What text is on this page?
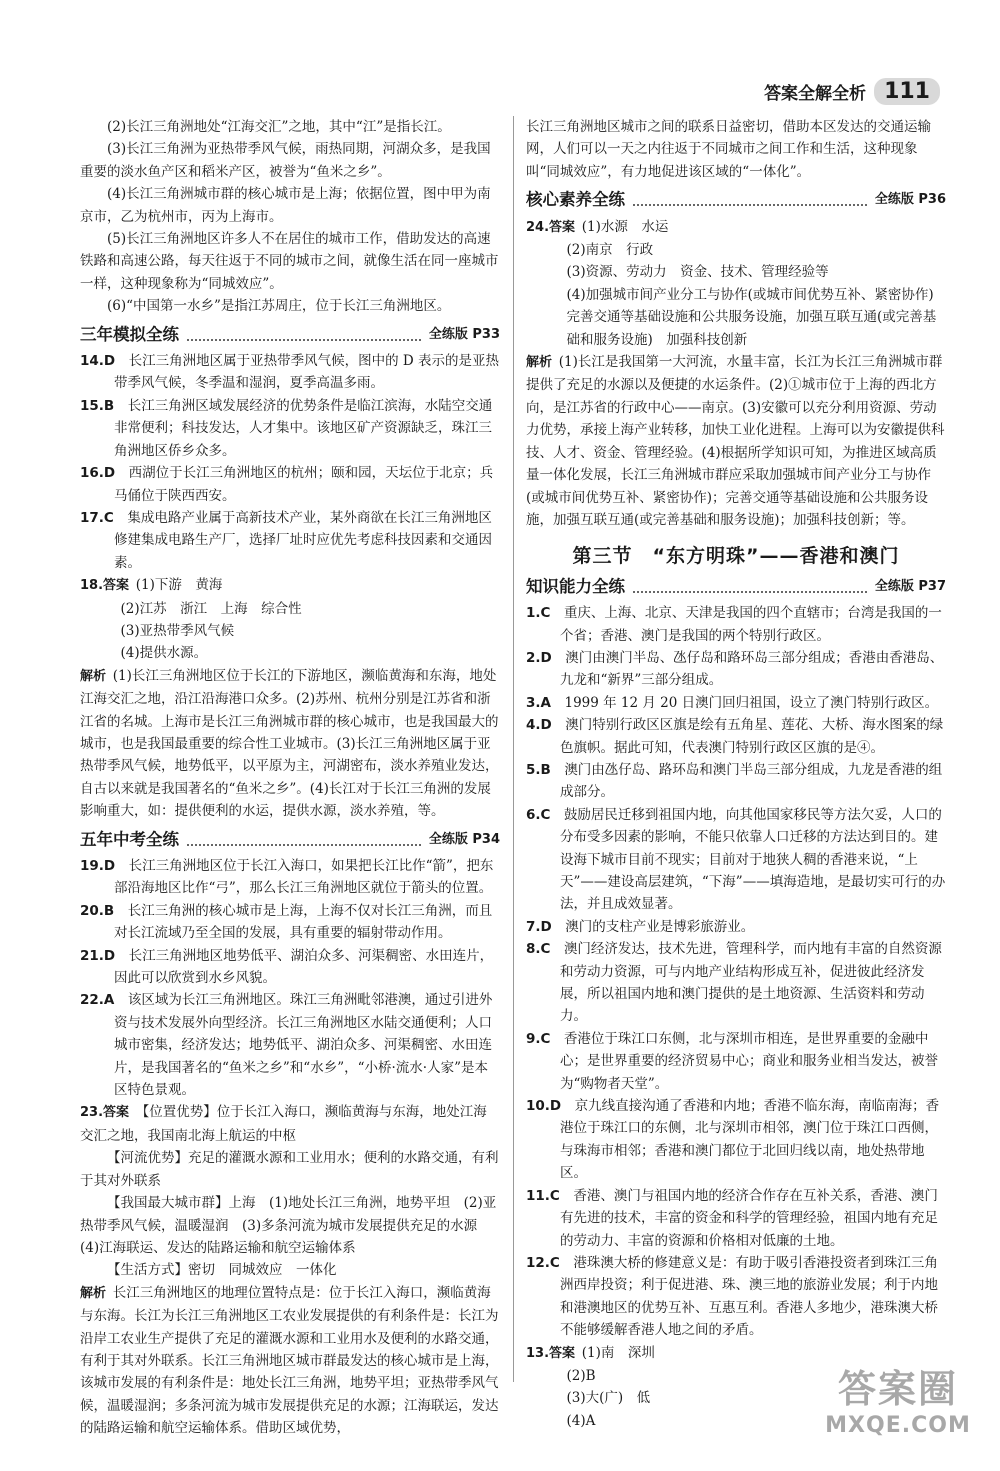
答案全解全析 111

(2)长江三角洲地处“江海交汇”之地，其中“江”是指长江。

(3)长江三角洲为亚热带季风气候，雨热同期，河湖众多，是我国重要的淡水鱼产区和稻米产区，被誉为“鱼米之乡”。

(4)长江三角洲城市群的核心城市是上海；依据位置，图中甲为南京市，乙为杭州市，丙为上海市。

(5)长江三角洲地区许多人不在居住的城市工作，借助发达的高速铁路和高速公路，每天往返于不同的城市之间，就像生活在同一座城市一样，这种现象称为“同城效应”。

(6)“中国第一水乡”是指江苏周庄，位于长江三角洲地区。

三年模拟全练	全练版 P33

14.D  长江三角洲地区属于亚热带季风气候，图中的 D 表示的是亚热带季风气候，冬季温和湿润，夏季高温多雨。

15.B  长江三角洲区域发展经济的优势条件是临江滨海，水陆空交通非常便利；科技发达，人才集中。该地区矿产资源缺乏，珠江三角洲地区侨乡众多。

16.D  西湖位于长江三角洲地区的杭州；颐和园，天坛位于北京；兵马俑位于陕西西安。

17.C  集成电路产业属于高新技术产业，某外商欲在长江三角洲地区修建集成电路生产厂，选择厂址时应优先考虑科技因素和交通因素。

18.答案  (1)下游　黄海

(2)江苏　浙江　上海　综合性

(3)亚热带季风气候

(4)提供水源。

解析  (1)长江三角洲地区位于长江的下游地区，濒临黄海和东海，地处江海交汇之地，沿江沿海港口众多。(2)苏州、杭州分别是江苏省和浙江省的名城。上海市是长江三角洲城市群的核心城市，也是我国最大的城市，也是我国最重要的综合性工业城市。(3)长江三角洲地区属于亚热带季风气候，地势低平，以平原为主，河湖密布，淡水养殖业发达，自古以来就是我国著名的“鱼米之乡”。(4)长江对于长江三角洲的发展影响重大，如：提供便利的水运，提供水源，淡水养殖，等。

五年中考全练	全练版 P34

19.D  长江三角洲地区位于长江入海口，如果把长江比作“箭”，把东部沿海地区比作“弓”，那么长江三角洲地区就位于箭头的位置。

20.B  长江三角洲的核心城市是上海，上海不仅对长江三角洲，而且对长江流域乃至全国的发展，具有重要的辐射带动作用。

21.D  长江三角洲地区地势低平、湖泊众多、河渠稠密、水田连片，因此可以欣赏到水乡风貌。

22.A  该区域为长江三角洲地区。珠江三角洲毗邻港澳，通过引进外资与技术发展外向型经济。长江三角洲地区水陆交通便利；人口城市密集，经济发达；地势低平、湖泊众多、河渠稠密、水田连片，是我国著名的“鱼米之乡”和“水乡”，“小桥·流水·人家”是本区特色景观。

23.答案  【位置优势】位于长江入海口，濒临黄海与东海，地处江海交汇之地，我国南北海上航运的中枢

【河流优势】充足的灌溉水源和工业用水；便利的水路交通，有利于其对外联系

【我国最大城市群】上海　(1)地处长江三角洲，地势平坦　(2)亚热带季风气候，温暖湿润　(3)多条河流为城市发展提供充足的水源　(4)江海联运、发达的陆路运输和航空运输体系

【生活方式】密切　同城效应　一体化

解析  长江三角洲地区的地理位置特点是：位于长江入海口，濒临黄海与东海。长江为长江三角洲地区工农业发展提供的有利条件是：长江为沿岸工农业生产提供了充足的灌溉水源和工业用水及便利的水路交通，有利于其对外联系。长江三角洲地区城市群最发达的核心城市是上海，该城市发展的有利条件是：地处长江三角洲，地势平坦；亚热带季风气候，温暖湿润；多条河流为城市发展提供充足的水源；江海联运，发达的陆路运输和航空运输体系。借助区域优势，

长江三角洲地区城市之间的联系日益密切，借助本区发达的交通运输网，人们可以一天之内往返于不同城市之间工作和生活，这种现象叫“同城效应”，有力地促进该区域的“一体化”。

核心素养全练	全练版 P36

24.答案  (1)水源　水运

(2)南京　行政

(3)资源、劳动力　资金、技术、管理经验等

(4)加强城市间产业分工与协作(或城市间优势互补、紧密协作)　完善交通等基础设施和公共服务设施，加强互联互通(或完善基础和服务设施)　加强科技创新

解析  (1)长江是我国第一大河流，水量丰富，长江为长江三角洲城市群提供了充足的水源以及便捷的水运条件。(2)①城市位于上海的西北方向，是江苏省的行政中心——南京。(3)安徽可以充分利用资源、劳动力优势，承接上海产业转移，加快工业化进程。上海可以为安徽提供科技、人才、资金、管理经验。(4)根据所学知识可知，为推进区域高质量一体化发展，长江三角洲城市群应采取加强城市间产业分工与协作(或城市间优势互补、紧密协作)；完善交通等基础设施和公共服务设施，加强互联互通(或完善基础和服务设施)；加强科技创新；等。

第三节　“东方明珠”——香港和澳门
知识能力全练	全练版 P37

1.C  重庆、上海、北京、天津是我国的四个直辖市；台湾是我国的一个省；香港、澳门是我国的两个特别行政区。

2.D  澳门由澳门半岛、氹仔岛和路环岛三部分组成；香港由香港岛、九龙和“新界”三部分组成。

3.A  1999 年 12 月 20 日澳门回归祖国，设立了澳门特别行政区。

4.D  澳门特别行政区区旗是绘有五角星、莲花、大桥、海水图案的绿色旗帜。据此可知，代表澳门特别行政区区旗的是④。

5.B  澳门由氹仔岛、路环岛和澳门半岛三部分组成，九龙是香港的组成部分。

6.C  鼓励居民迁移到祖国内地，向其他国家移民等方法欠妥，人口的分布受多因素的影响，不能只依靠人口迁移的方法达到目的。建设海下城市目前不现实；目前对于地狭人稠的香港来说，“上天”——建设高层建筑，“下海”——填海造地，是最切实可行的办法，并且成效显著。

7.D  澳门的支柱产业是博彩旅游业。

8.C  澳门经济发达，技术先进，管理科学，而内地有丰富的自然资源和劳动力资源，可与内地产业结构形成互补，促进彼此经济发展，所以祖国内地和澳门提供的是土地资源、生活资料和劳动力。

9.C  香港位于珠江口东侧，北与深圳市相连，是世界重要的金融中心；是世界重要的经济贸易中心；商业和服务业相当发达，被誉为“购物者天堂”。

10.D  京九线直接沟通了香港和内地；香港不临东海，南临南海；香港位于珠江口的东侧，北与深圳市相邻，澳门位于珠江口西侧，与珠海市相邻；香港和澳门都位于北回归线以南，地处热带地区。

11.C  香港、澳门与祖国内地的经济合作存在互补关系，香港、澳门有先进的技术，丰富的资金和科学的管理经验，祖国内地有充足的劳动力、丰富的资源和价格相对低廉的土地。

12.C  港珠澳大桥的修建意义是：有助于吸引香港投资者到珠江三角洲西岸投资；利于促进港、珠、澳三地的旅游业发展；利于内地和港澳地区的优势互补、互惠互利。香港人多地少，港珠澳大桥不能够缓解香港人地之间的矛盾。

13.答案  (1)南　深圳

(2)B

(3)大(广)　低

(4)A

答案圈
MXQE.COM
